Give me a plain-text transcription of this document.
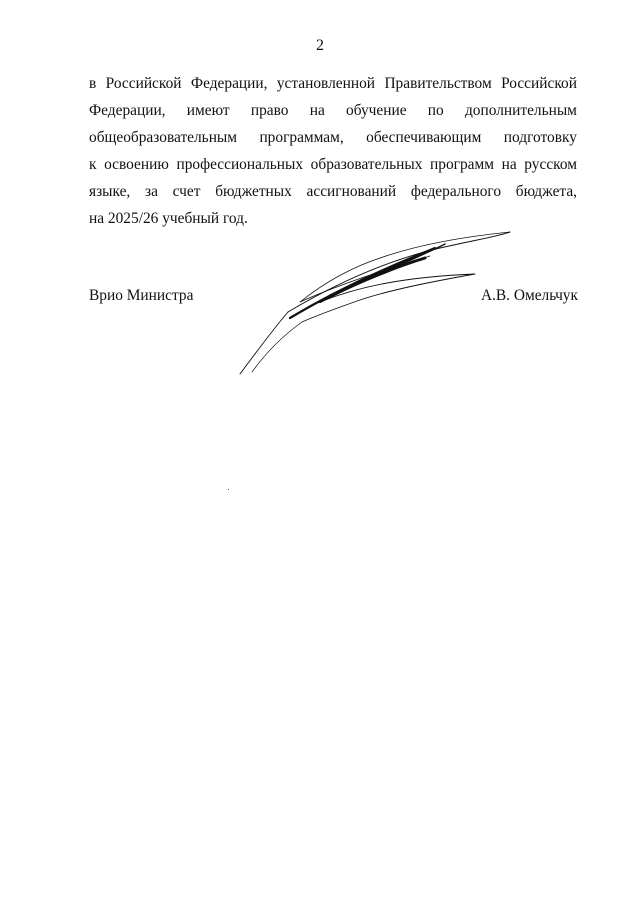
2
в Российской Федерации, установленной Правительством Российской
Федерации, имеют право на обучение по дополнительным
общеобразовательным программам, обеспечивающим подготовку
к освоению профессиональных образовательных программ на русском
языке, за счет бюджетных ассигнований федерального бюджета,
на 2025/26 учебный год.
Врио Министра	А.В. Омельчук
